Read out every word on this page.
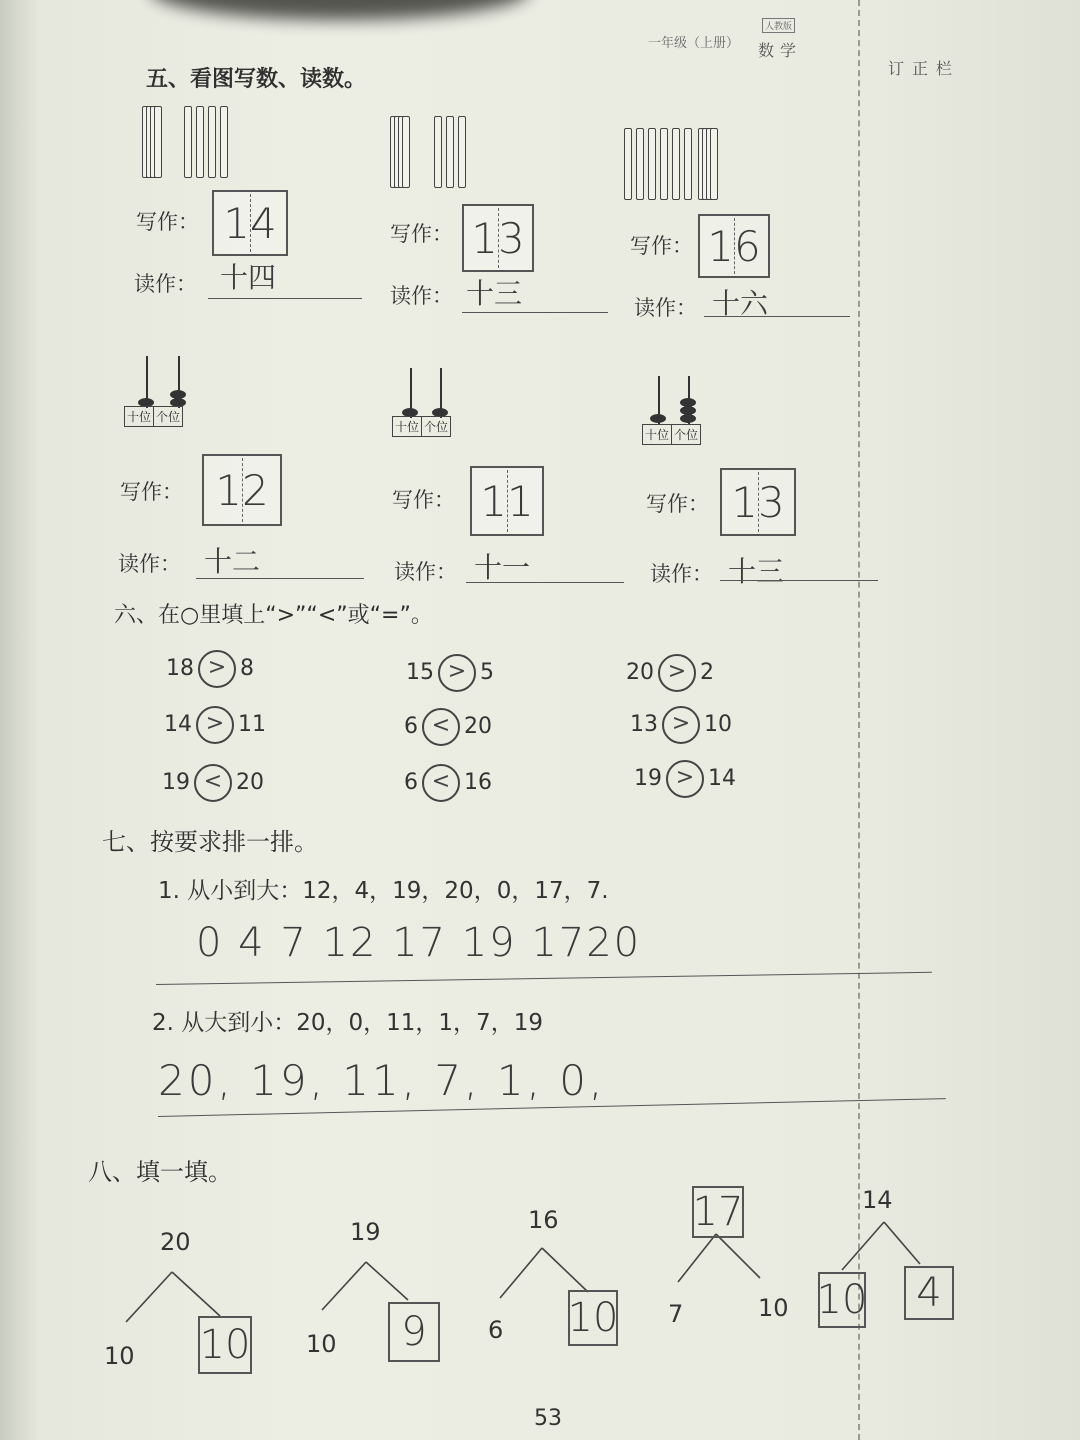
一年级（上册）
人教版
数学
订正栏
五、看图写数、读数。
写作： 14
读作： 十四
写作： 13
读作： 十三
写作： 16
读作： 十六
十位 个位
十位 个位
十位 个位
写作： 12
读作： 十二
写作： 11
读作： 十一
写作： 13
读作： 十三
六、在○里填上“>”“<”或“=”。
18 > 8	15 > 5	20 > 2
14 > 11	6 < 20	13 > 10
19 < 20	6 < 16	19 > 14
七、按要求排一排。
1. 从小到大：12，4，19，20，0，17，7.
0 4 7 12 17 19 1720
2. 从大到小：20，0，11，1，7，19
20, 19, 11, 7, 1, 0,
八、填一填。
20
10 10
19
10	9
16
6 10
17
7	10
14
10	4
53
